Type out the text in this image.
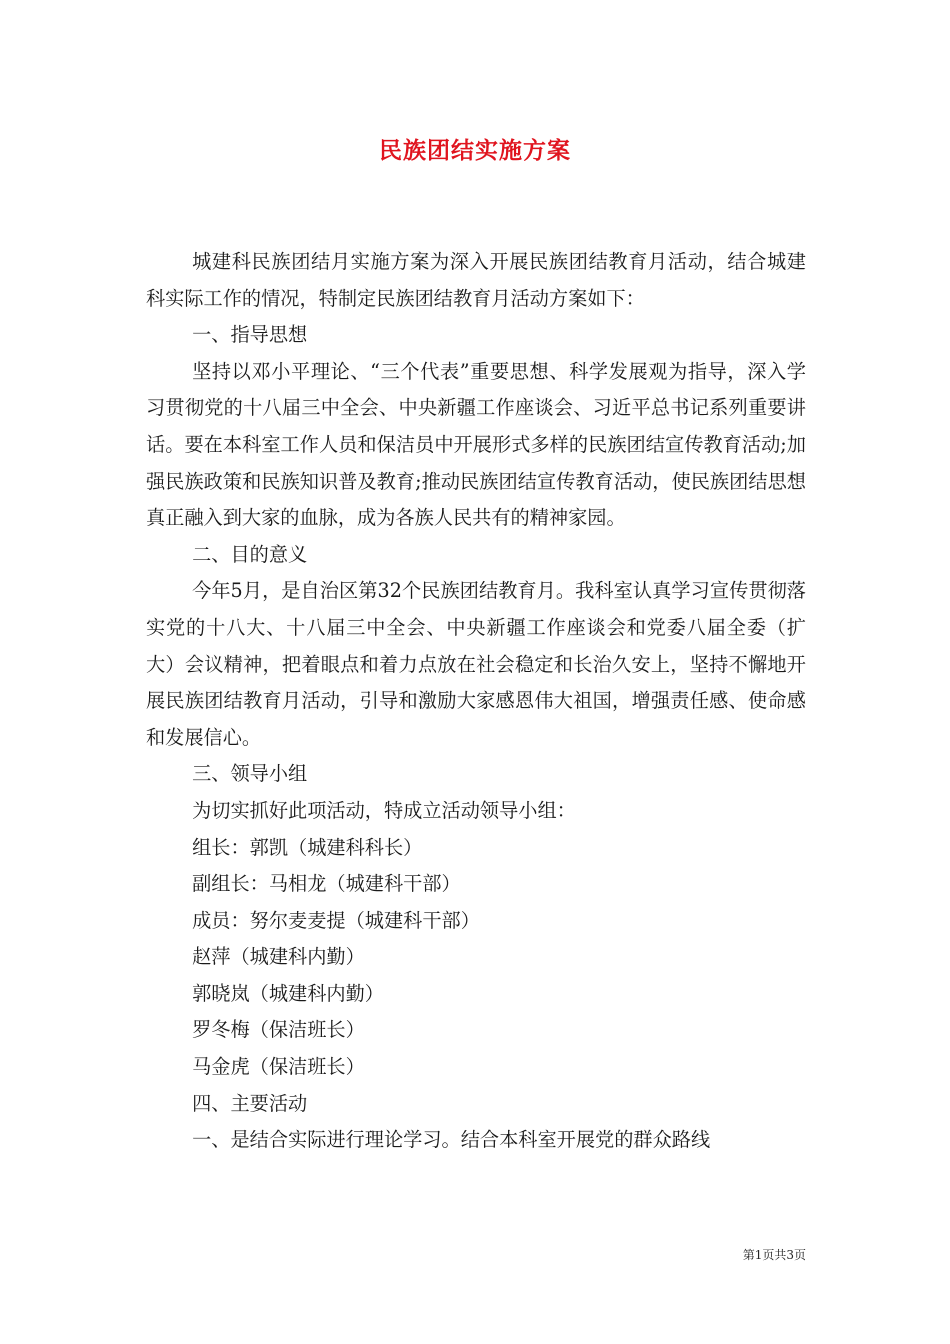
民族团结实施方案

城建科民族团结月实施方案为深入开展民族团结教育月活动，结合城建科实际工作的情况，特制定民族团结教育月活动方案如下：

一、指导思想

坚持以邓小平理论、“三个代表”重要思想、科学发展观为指导，深入学习贯彻党的十八届三中全会、中央新疆工作座谈会、习近平总书记系列重要讲话。要在本科室工作人员和保洁员中开展形式多样的民族团结宣传教育活动;加强民族政策和民族知识普及教育;推动民族团结宣传教育活动，使民族团结思想真正融入到大家的血脉，成为各族人民共有的精神家园。

二、目的意义

今年5月，是自治区第32个民族团结教育月。我科室认真学习宣传贯彻落实党的十八大、十八届三中全会、中央新疆工作座谈会和党委八届全委（扩大）会议精神，把着眼点和着力点放在社会稳定和长治久安上，坚持不懈地开展民族团结教育月活动，引导和激励大家感恩伟大祖国，增强责任感、使命感和发展信心。

三、领导小组

为切实抓好此项活动，特成立活动领导小组：

组长：郭凯（城建科科长）

副组长：马相龙（城建科干部）

成员：努尔麦麦提（城建科干部）

赵萍（城建科内勤）

郭晓岚（城建科内勤）

罗冬梅（保洁班长）

马金虎（保洁班长）

四、主要活动

一、是结合实际进行理论学习。结合本科室开展党的群众路线

第1页共3页
